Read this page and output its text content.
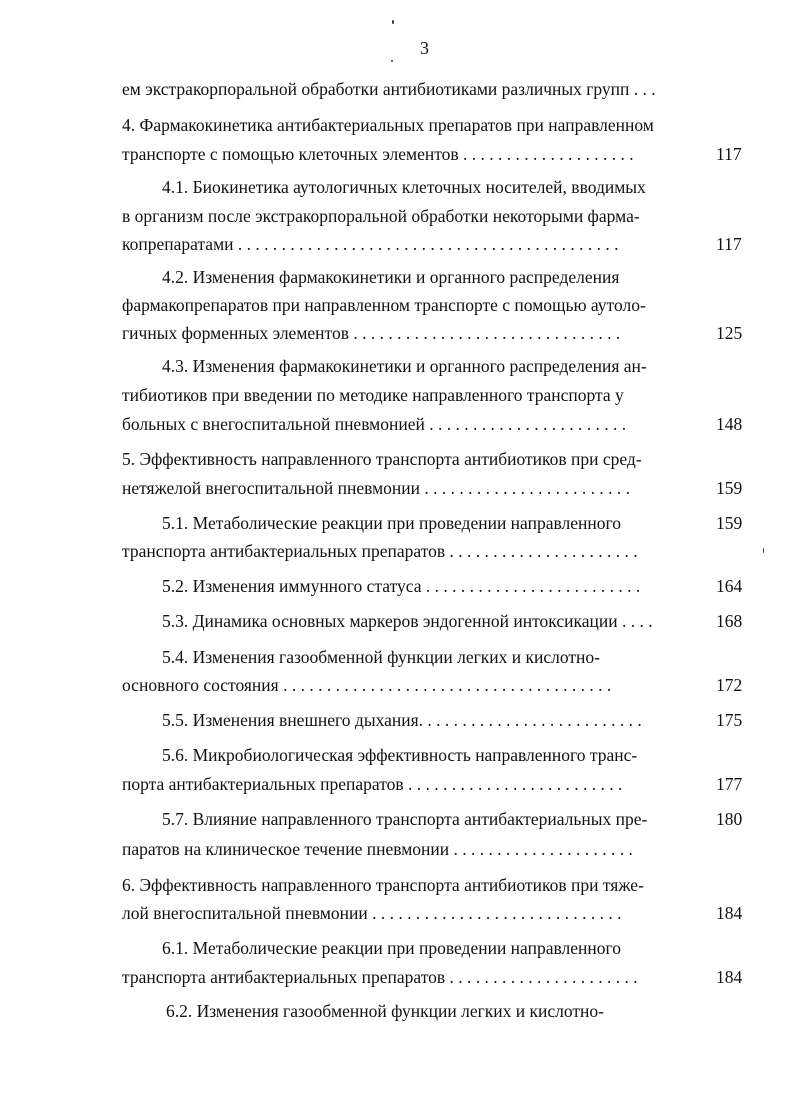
3
ем экстракорпоральной обработки антибиотиками различных групп . . .
4. Фармакокинетика антибактериальных препаратов при направленном
транспорте с помощью клеточных элементов . . . . . . . . . . . . . . . . . . . .	117
4.1. Биокинетика аутологичных клеточных носителей, вводимых
в организм после экстракорпоральной обработки некоторыми фарма-
копрепаратами . . . . . . . . . . . . . . . . . . . . . . . . . . . . . . . . . . . . . . . . . . . .	117
4.2. Изменения фармакокинетики и органного распределения
фармакопрепаратов при направленном транспорте с помощью аутоло-
гичных форменных элементов . . . . . . . . . . . . . . . . . . . . . . . . . . . . . . .	125
4.3. Изменения фармакокинетики и органного распределения ан-
тибиотиков при введении по методике направленного транспорта у
больных с внегоспитальной пневмонией . . . . . . . . . . . . . . . . . . . . . . .	148
5. Эффективность направленного транспорта антибиотиков при сред-
нетяжелой внегоспитальной пневмонии . . . . . . . . . . . . . . . . . . . . . . . .	159
5.1. Метаболические реакции при проведении направленного	159
транспорта антибактериальных препаратов . . . . . . . . . . . . . . . . . . . . . .
5.2. Изменения иммунного статуса . . . . . . . . . . . . . . . . . . . . . . . . .	164
5.3. Динамика основных маркеров эндогенной интоксикации . . . .	168
5.4. Изменения газообменной функции легких и кислотно-
основного состояния . . . . . . . . . . . . . . . . . . . . . . . . . . . . . . . . . . . . . .	172
5.5. Изменения внешнего дыхания. . . . . . . . . . . . . . . . . . . . . . . . . .	175
5.6. Микробиологическая эффективность направленного транс-
порта антибактериальных препаратов . . . . . . . . . . . . . . . . . . . . . . . . .	177
5.7. Влияние направленного транспорта антибактериальных пре-	180
паратов на клиническое течение пневмонии . . . . . . . . . . . . . . . . . . . . .
6. Эффективность направленного транспорта антибиотиков при тяже-
лой внегоспитальной пневмонии . . . . . . . . . . . . . . . . . . . . . . . . . . . . .	184
6.1. Метаболические реакции при проведении направленного
транспорта антибактериальных препаратов . . . . . . . . . . . . . . . . . . . . . .	184
6.2. Изменения газообменной функции легких и кислотно-
